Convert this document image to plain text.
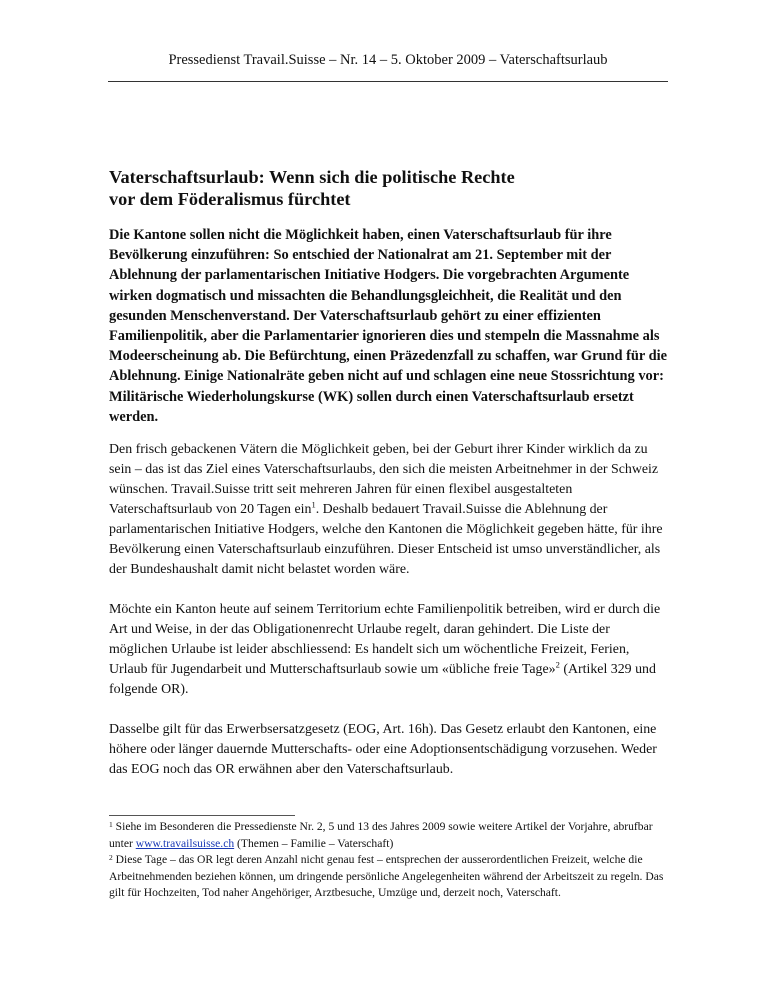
Pressedienst Travail.Suisse – Nr. 14 – 5. Oktober 2009 – Vaterschaftsurlaub
Vaterschaftsurlaub: Wenn sich die politische Rechte
vor dem Föderalismus fürchtet

Die Kantone sollen nicht die Möglichkeit haben, einen Vaterschaftsurlaub für ihre Bevölkerung einzuführen: So entschied der Nationalrat am 21. September mit der Ablehnung der parlamentarischen Initiative Hodgers. Die vorgebrachten Argumente wirken dogmatisch und missachten die Behandlungsgleichheit, die Realität und den gesunden Menschenverstand. Der Vaterschaftsurlaub gehört zu einer effizienten Familienpolitik, aber die Parlamentarier ignorieren dies und stempeln die Massnahme als Modeerscheinung ab. Die Befürchtung, einen Präzedenzfall zu schaffen, war Grund für die Ablehnung. Einige Nationalräte geben nicht auf und schlagen eine neue Stossrichtung vor: Militärische Wiederholungskurse (WK) sollen durch einen Vaterschaftsurlaub ersetzt werden.

Den frisch gebackenen Vätern die Möglichkeit geben, bei der Geburt ihrer Kinder wirklich da zu sein – das ist das Ziel eines Vaterschaftsurlaubs, den sich die meisten Arbeitnehmer in der Schweiz wünschen. Travail.Suisse tritt seit mehreren Jahren für einen flexibel ausgestalteten Vaterschaftsurlaub von 20 Tagen ein$^1$. Deshalb bedauert Travail.Suisse die Ablehnung der parlamentarischen Initiative Hodgers, welche den Kantonen die Möglichkeit gegeben hätte, für ihre Bevölkerung einen Vaterschaftsurlaub einzuführen. Dieser Entscheid ist umso unverständlicher, als der Bundeshaushalt damit nicht belastet worden wäre.

Möchte ein Kanton heute auf seinem Territorium echte Familienpolitik betreiben, wird er durch die Art und Weise, in der das Obligationenrecht Urlaube regelt, daran gehindert. Die Liste der möglichen Urlaube ist leider abschliessend: Es handelt sich um wöchentliche Freizeit, Ferien, Urlaub für Jugendarbeit und Mutterschaftsurlaub sowie um «übliche freie Tage»$^2$ (Artikel 329 und folgende OR).

Dasselbe gilt für das Erwerbsersatzgesetz (EOG, Art. 16h). Das Gesetz erlaubt den Kantonen, eine höhere oder länger dauernde Mutterschafts- oder eine Adoptionsentschädigung vorzusehen. Weder das EOG noch das OR erwähnen aber den Vaterschaftsurlaub.

$^1$ Siehe im Besonderen die Pressedienste Nr. 2, 5 und 13 des Jahres 2009 sowie weitere Artikel der Vorjahre, abrufbar unter www.travailsuisse.ch (Themen – Familie – Vaterschaft)

$^2$ Diese Tage – das OR legt deren Anzahl nicht genau fest – entsprechen der ausserordentlichen Freizeit, welche die Arbeitnehmenden beziehen können, um dringende persönliche Angelegenheiten während der Arbeitszeit zu regeln. Das gilt für Hochzeiten, Tod naher Angehöriger, Arztbesuche, Umzüge und, derzeit noch, Vaterschaft.
